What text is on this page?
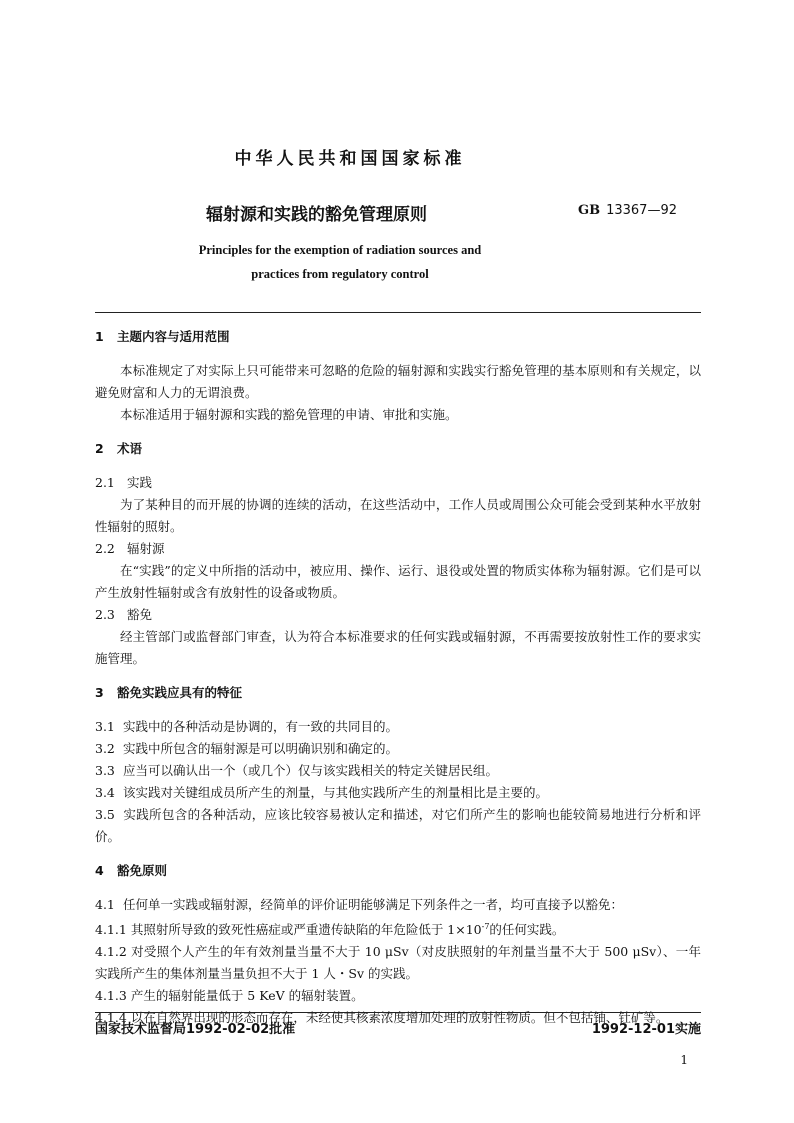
中华人民共和国国家标准
辐射源和实践的豁免管理原则	GB 13367—92
Principles for the exemption of radiation sources and
practices from regulatory control
1 主题内容与适用范围

本标准规定了对实际上只可能带来可忽略的危险的辐射源和实践实行豁免管理的基本原则和有关规定，以避免财富和人力的无谓浪费。

本标准适用于辐射源和实践的豁免管理的申请、审批和实施。

2 术语

2.1 实践

为了某种目的而开展的协调的连续的活动，在这些活动中，工作人员或周围公众可能会受到某种水平放射性辐射的照射。

2.2 辐射源

在“实践”的定义中所指的活动中，被应用、操作、运行、退役或处置的物质实体称为辐射源。它们是可以产生放射性辐射或含有放射性的设备或物质。

2.3 豁免

经主管部门或监督部门审查，认为符合本标准要求的任何实践或辐射源，不再需要按放射性工作的要求实施管理。

3 豁免实践应具有的特征

3.1 实践中的各种活动是协调的，有一致的共同目的。

3.2 实践中所包含的辐射源是可以明确识别和确定的。

3.3 应当可以确认出一个（或几个）仅与该实践相关的特定关键居民组。

3.4 该实践对关键组成员所产生的剂量，与其他实践所产生的剂量相比是主要的。

3.5 实践所包含的各种活动，应该比较容易被认定和描述，对它们所产生的影响也能较简易地进行分析和评价。

4 豁免原则

4.1 任何单一实践或辐射源，经简单的评价证明能够满足下列条件之一者，均可直接予以豁免：

4.1.1 其照射所导致的致死性癌症或严重遗传缺陷的年危险低于 $1\times 10^{-7}$的任何实践。

4.1.2 对受照个人产生的年有效剂量当量不大于 10 μSv（对皮肤照射的年剂量当量不大于 500 μSv）、一年实践所产生的集体剂量当量负担不大于 1 人・Sv 的实践。

4.1.3 产生的辐射能量低于 5 KeV 的辐射装置。

4.1.4 以在自然界出现的形态而存在，未经使其核素浓度增加处理的放射性物质。但不包括铀、钍矿等。

国家技术监督局1992-02-02批准	1992-12-01实施
1
